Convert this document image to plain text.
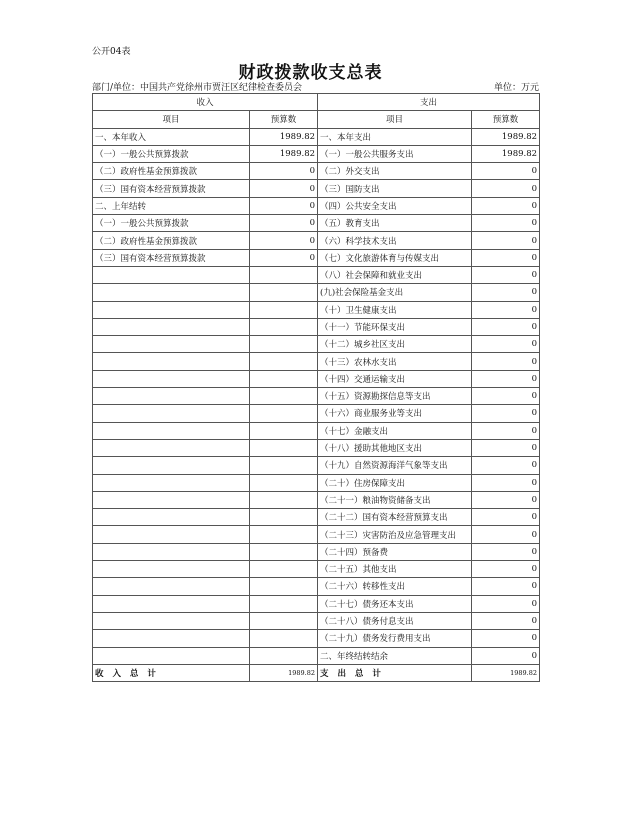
公开04表
财政拨款收支总表
部门/单位：中国共产党徐州市贾汪区纪律检查委员会	单位：万元
收入		支出	
项目	预算数	项目	预算数
一、本年收入	1989.82	一、本年支出	1989.82
（一）一般公共预算拨款	1989.82	（一）一般公共服务支出	1989.82
（二）政府性基金预算拨款	0	（二）外交支出	0
（三）国有资本经营预算拨款	0	（三）国防支出	0
二、上年结转	0	（四）公共安全支出	0
（一）一般公共预算拨款	0	（五）教育支出	0
（二）政府性基金预算拨款	0	（六）科学技术支出	0
（三）国有资本经营预算拨款	0	（七）文化旅游体育与传媒支出	0
		（八）社会保障和就业支出	0
		(九)社会保险基金支出	0
		（十）卫生健康支出	0
		（十一）节能环保支出	0
		（十二）城乡社区支出	0
		（十三）农林水支出	0
		（十四）交通运输支出	0
		（十五）资源勘探信息等支出	0
		（十六）商业服务业等支出	0
		（十七）金融支出	0
		（十八）援助其他地区支出	0
		（十九）自然资源海洋气象等支出	0
		（二十）住房保障支出	0
		（二十一）粮油物资储备支出	0
		（二十二）国有资本经营预算支出	0
		（二十三）灾害防治及应急管理支出	0
		（二十四）预备费	0
		（二十五）其他支出	0
		（二十六）转移性支出	0
		（二十七）债务还本支出	0
		（二十八）债务付息支出	0
		（二十九）债务发行费用支出	0
		二、年终结转结余	0
收 入 总 计	1989.82	支 出 总 计	1989.82
